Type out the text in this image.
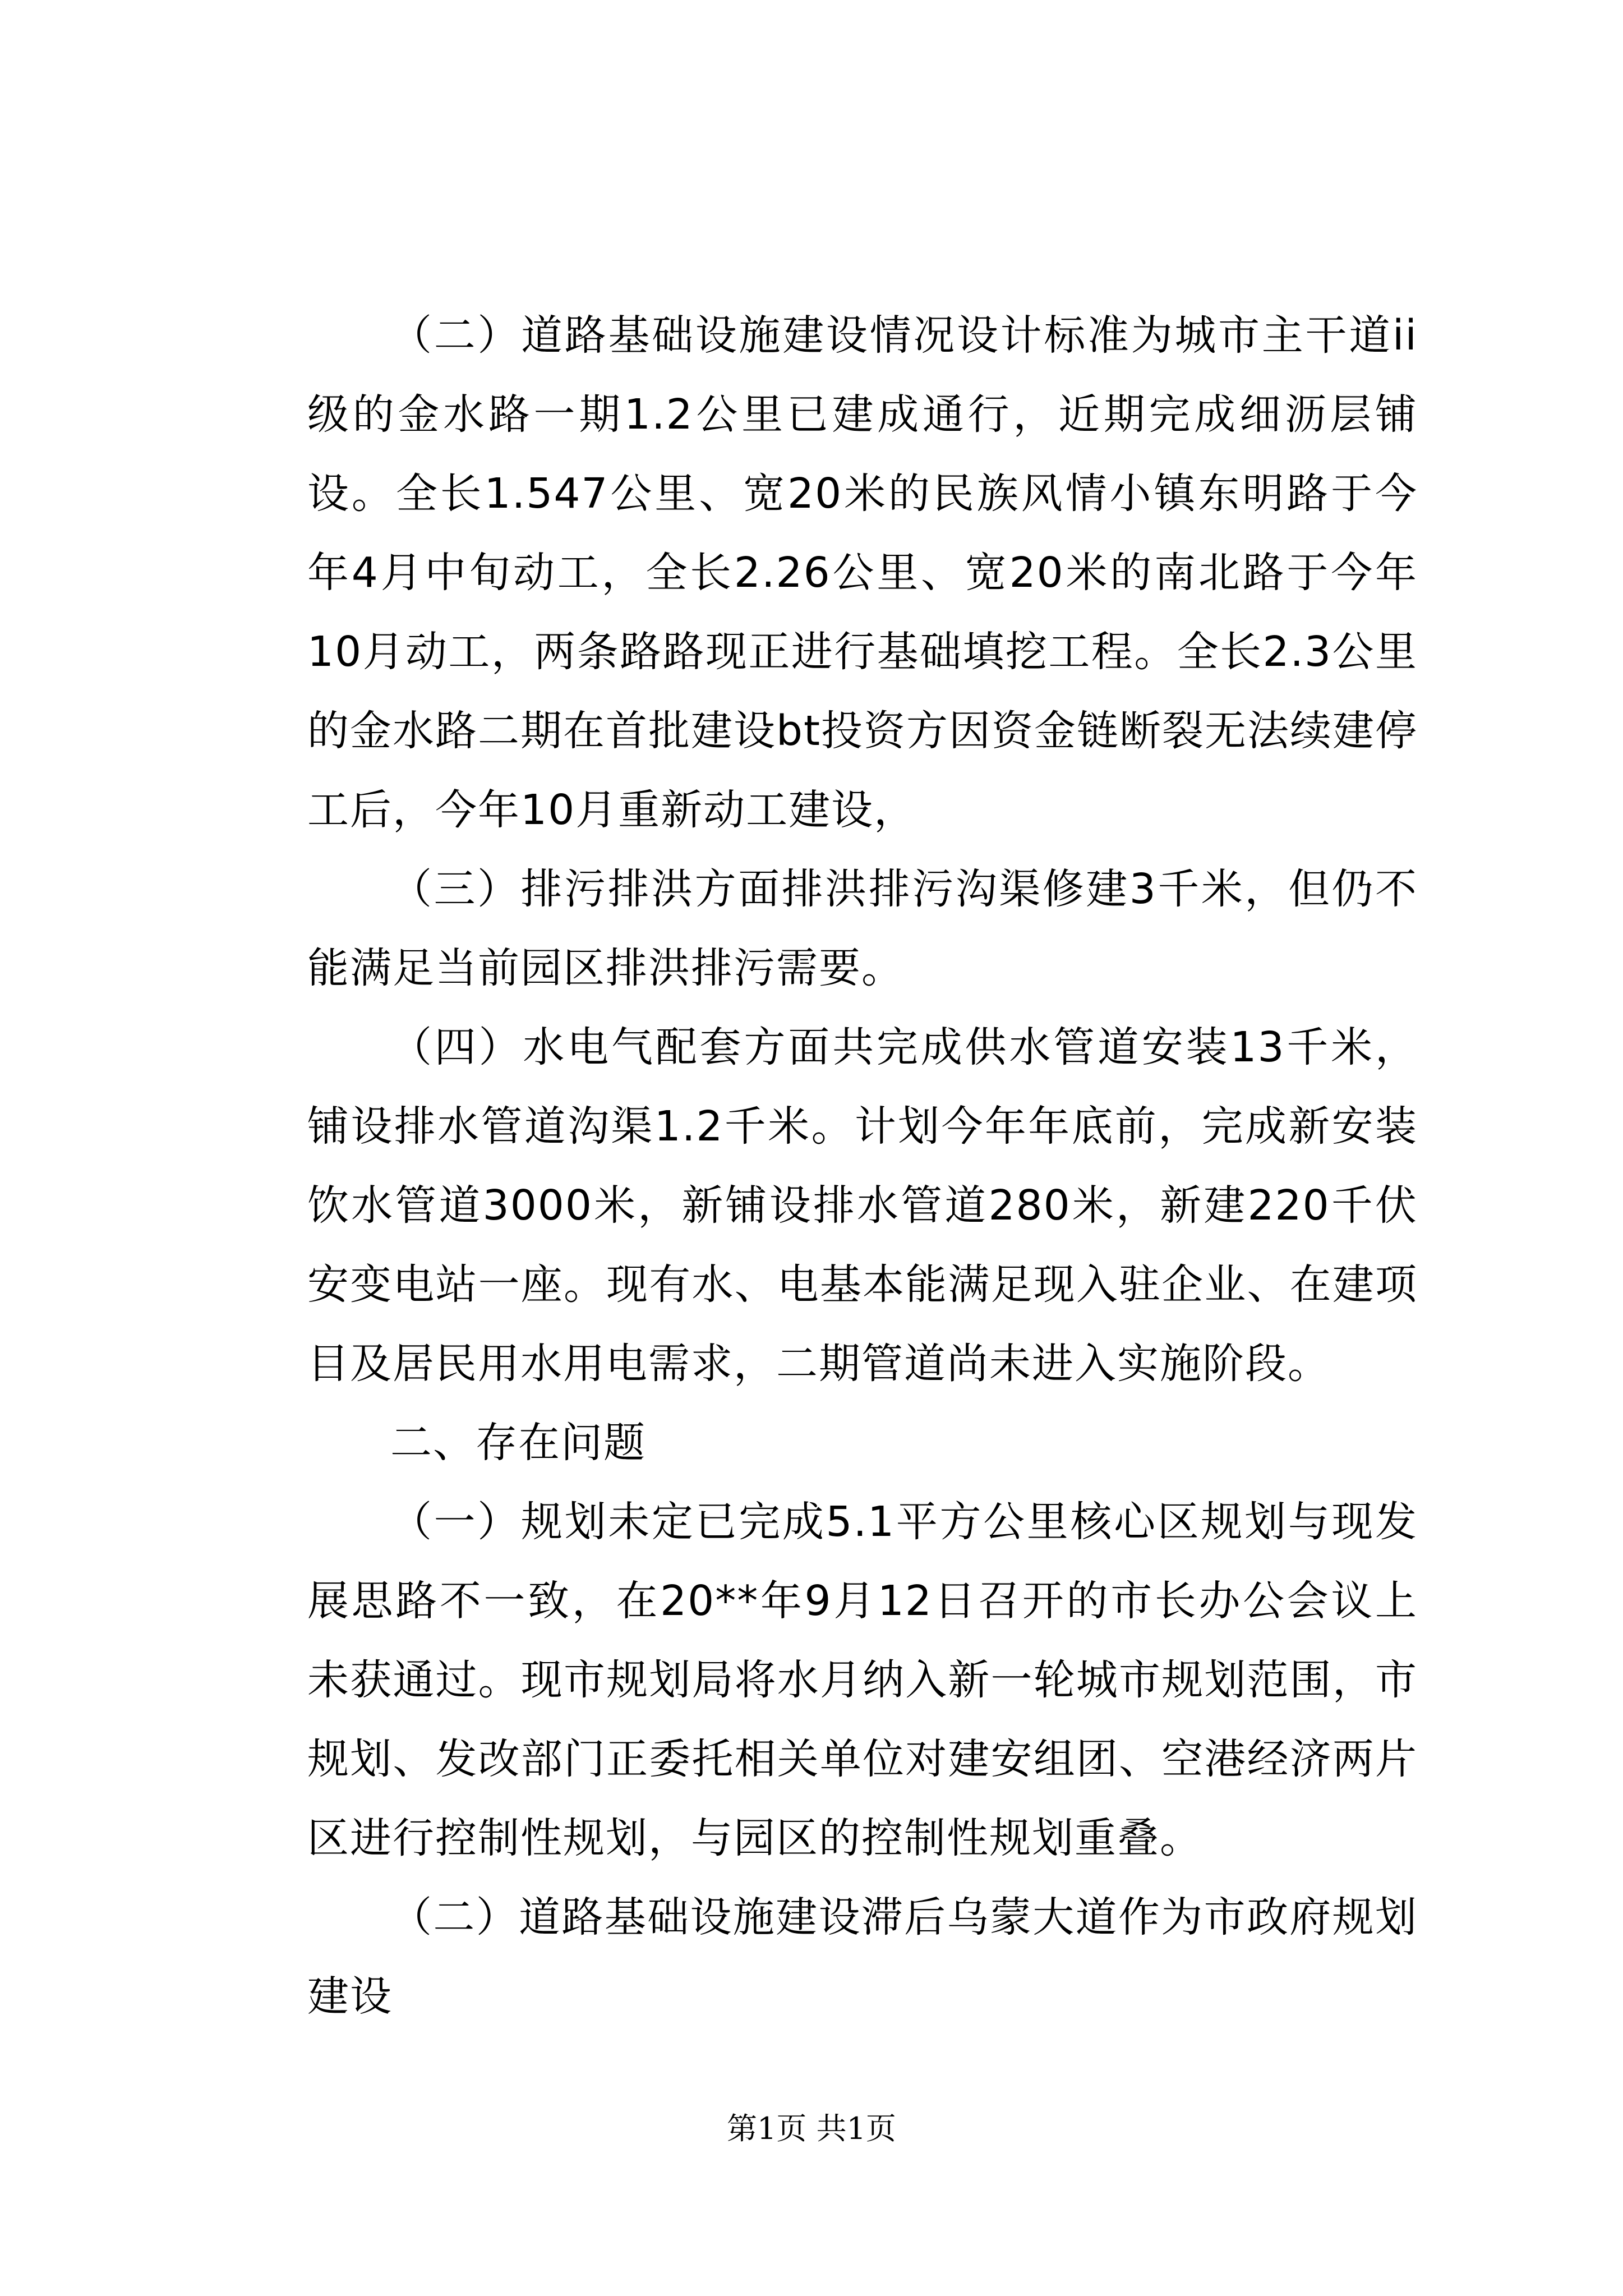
（二）道路基础设施建设情况设计标准为城市主干道ii级的金水路一期1.2公里已建成通行，近期完成细沥层铺设。全长1.547公里、宽20米的民族风情小镇东明路于今年4月中旬动工，全长2.26公里、宽20米的南北路于今年10月动工，两条路路现正进行基础填挖工程。全长2.3公里的金水路二期在首批建设bt投资方因资金链断裂无法续建停工后，今年10月重新动工建设，

（三）排污排洪方面排洪排污沟渠修建3千米，但仍不能满足当前园区排洪排污需要。

（四）水电气配套方面共完成供水管道安装13千米，铺设排水管道沟渠1.2千米。计划今年年底前，完成新安装饮水管道3000米，新铺设排水管道280米，新建220千伏安变电站一座。现有水、电基本能满足现入驻企业、在建项目及居民用水用电需求，二期管道尚未进入实施阶段。

二、存在问题

（一）规划未定已完成5.1平方公里核心区规划与现发展思路不一致，在20**年9月12日召开的市长办公会议上未获通过。现市规划局将水月纳入新一轮城市规划范围，市规划、发改部门正委托相关单位对建安组团、空港经济两片区进行控制性规划，与园区的控制性规划重叠。

（二）道路基础设施建设滞后乌蒙大道作为市政府规划建设

第1页 共1页
